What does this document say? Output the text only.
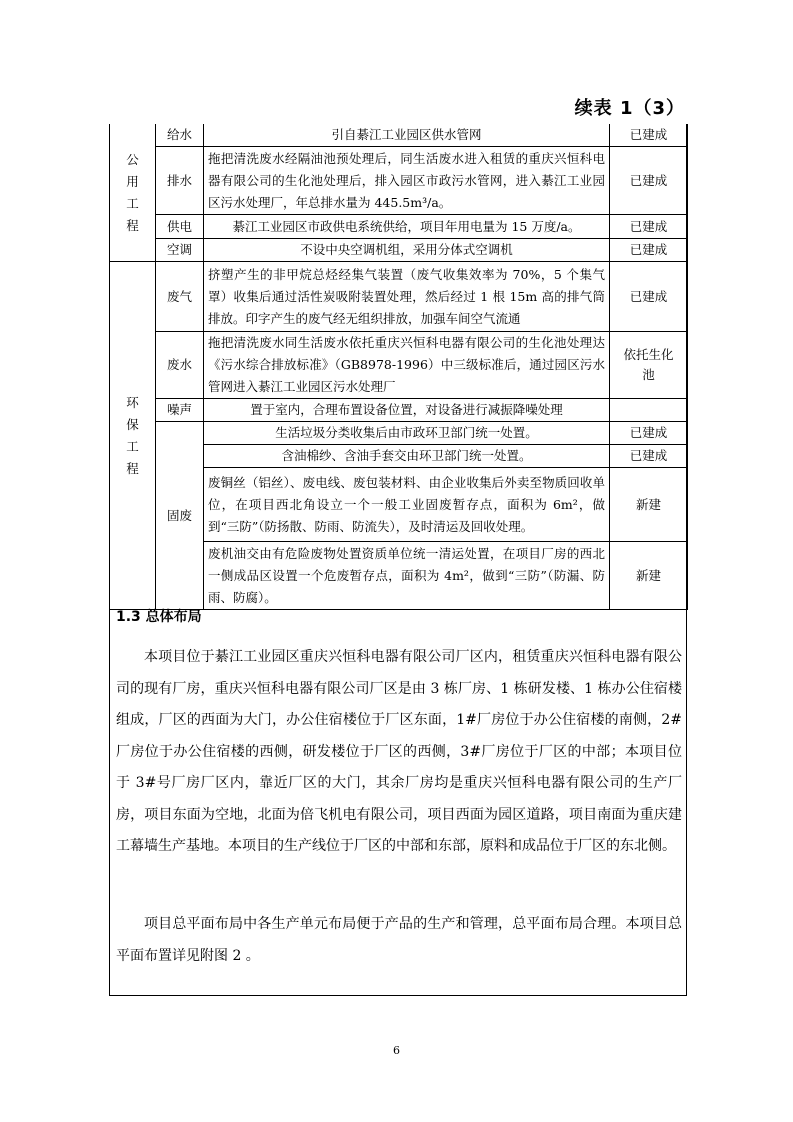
续表 1（3）
公
用
工
程	给水	引自綦江工业园区供水管网	已建成
	排水	拖把清洗废水经隔油池预处理后，同生活废水进入租赁的重庆兴恒科电器有限公司的生化池处理后，排入园区市政污水管网，进入綦江工业园区污水处理厂，年总排水量为 445.5m³/a。	已建成
	供电	綦江工业园区市政供电系统供给，项目年用电量为 15 万度/a。	已建成
	空调	不设中央空调机组，采用分体式空调机	已建成

环
保
工
程	废气	挤塑产生的非甲烷总烃经集气装置（废气收集效率为 70%，5 个集气罩）收集后通过活性炭吸附装置处理，然后经过 1 根 15m 高的排气筒排放。印字产生的废气经无组织排放，加强车间空气流通	已建成
	废水	拖把清洗废水同生活废水依托重庆兴恒科电器有限公司的生化池处理达《污水综合排放标准》（GB8978-1996）中三级标准后，通过园区污水管网进入綦江工业园区污水处理厂	依托生化池
	噪声	置于室内，合理布置设备位置，对设备进行减振降噪处理	
	固废	生活垃圾分类收集后由市政环卫部门统一处置。	已建成
		含油棉纱、含油手套交由环卫部门统一处置。	已建成
		废铜丝（铝丝）、废电线、废包装材料、由企业收集后外卖至物质回收单位，在项目西北角设立一个一般工业固废暂存点，面积为 6m²，做到“三防”（防扬散、防雨、防流失），及时清运及回收处理。	新建
		废机油交由有危险废物处置资质单位统一清运处置，在项目厂房的西北一侧成品区设置一个危废暂存点，面积为 4m²，做到“三防”（防漏、防雨、防腐）。	新建
1.3 总体布局

本项目位于綦江工业园区重庆兴恒科电器有限公司厂区内，租赁重庆兴恒科电器有限公司的现有厂房，重庆兴恒科电器有限公司厂区是由 3 栋厂房、1 栋研发楼、1 栋办公住宿楼组成，厂区的西面为大门，办公住宿楼位于厂区东面，1#厂房位于办公住宿楼的南侧，2#厂房位于办公住宿楼的西侧，研发楼位于厂区的西侧，3#厂房位于厂区的中部；本项目位于 3#号厂房厂区内，靠近厂区的大门，其余厂房均是重庆兴恒科电器有限公司的生产厂房，项目东面为空地，北面为倍飞机电有限公司，项目西面为园区道路，项目南面为重庆建工幕墙生产基地。本项目的生产线位于厂区的中部和东部，原料和成品位于厂区的东北侧。

项目总平面布局中各生产单元布局便于产品的生产和管理，总平面布局合理。本项目总平面布置详见附图 2 。

6
